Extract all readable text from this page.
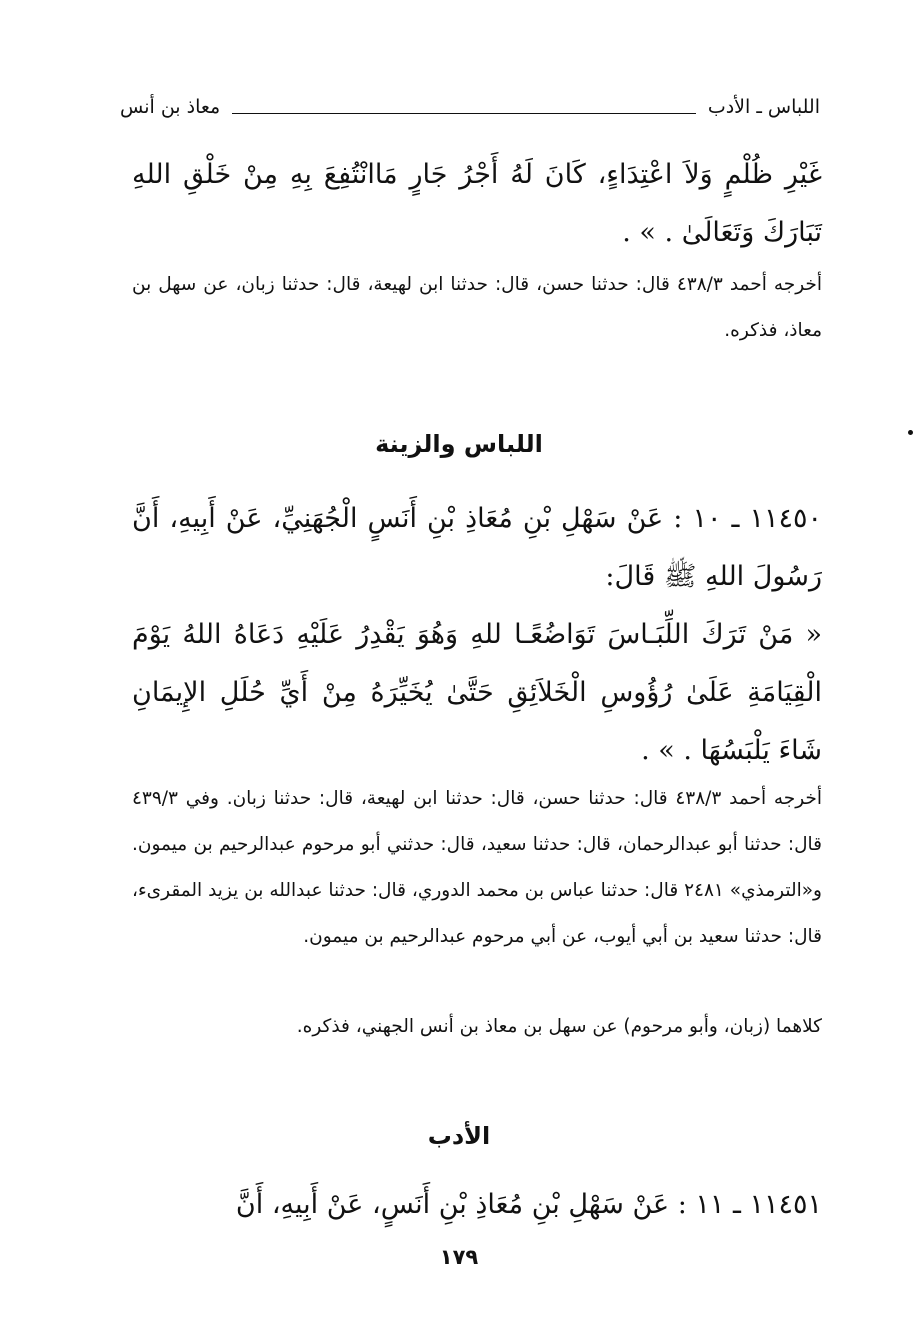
اللباس ـ الأدب
معاذ بن أنس
غَيْرِ ظُلْمٍ وَلاَ اعْتِدَاءٍ، كَانَ لَهُ أَجْرُ جَارٍ مَاانْتُفِعَ بِهِ مِنْ خَلْقِ اللهِ تَبَارَكَ وَتَعَالَىٰ . » .
أخرجه أحمد ٤٣٨/٣ قال: حدثنا حسن، قال: حدثنا ابن لهيعة، قال: حدثنا زبان، عن سهل بن معاذ، فذكره.
اللباس والزينة
١١٤٥٠ ـ ١٠ : عَنْ سَهْلِ بْنِ مُعَاذِ بْنِ أَنَسٍ الْجُهَنِيِّ، عَنْ أَبِيهِ، أَنَّ رَسُولَ اللهِ ﷺ قَالَ:
« مَنْ تَرَكَ اللِّبَـاسَ تَوَاضُعًـا للهِ وَهُوَ يَقْدِرُ عَلَيْهِ دَعَاهُ اللهُ يَوْمَ الْقِيَامَةِ عَلَىٰ رُؤُوسِ الْخَلاَئِقِ حَتَّىٰ يُخَيِّرَهُ مِنْ أَيِّ حُلَلِ الإِيمَانِ شَاءَ يَلْبَسُهَا . » .
أخرجه أحمد ٤٣٨/٣ قال: حدثنا حسن، قال: حدثنا ابن لهيعة، قال: حدثنا زبان. وفي ٤٣٩/٣ قال: حدثنا أبو عبدالرحمان، قال: حدثنا سعيد، قال: حدثني أبو مرحوم عبدالرحيم بن ميمون. و«الترمذي» ٢٤٨١ قال: حدثنا عباس بن محمد الدوري، قال: حدثنا عبدالله بن يزيد المقرىء، قال: حدثنا سعيد بن أبي أيوب، عن أبي مرحوم عبدالرحيم بن ميمون.
كلاهما (زبان، وأبو مرحوم) عن سهل بن معاذ بن أنس الجهني، فذكره.
الأدب
١١٤٥١ ـ ١١ : عَنْ سَهْلِ بْنِ مُعَاذِ بْنِ أَنَسٍ، عَنْ أَبِيهِ، أَنَّ
١٧٩
